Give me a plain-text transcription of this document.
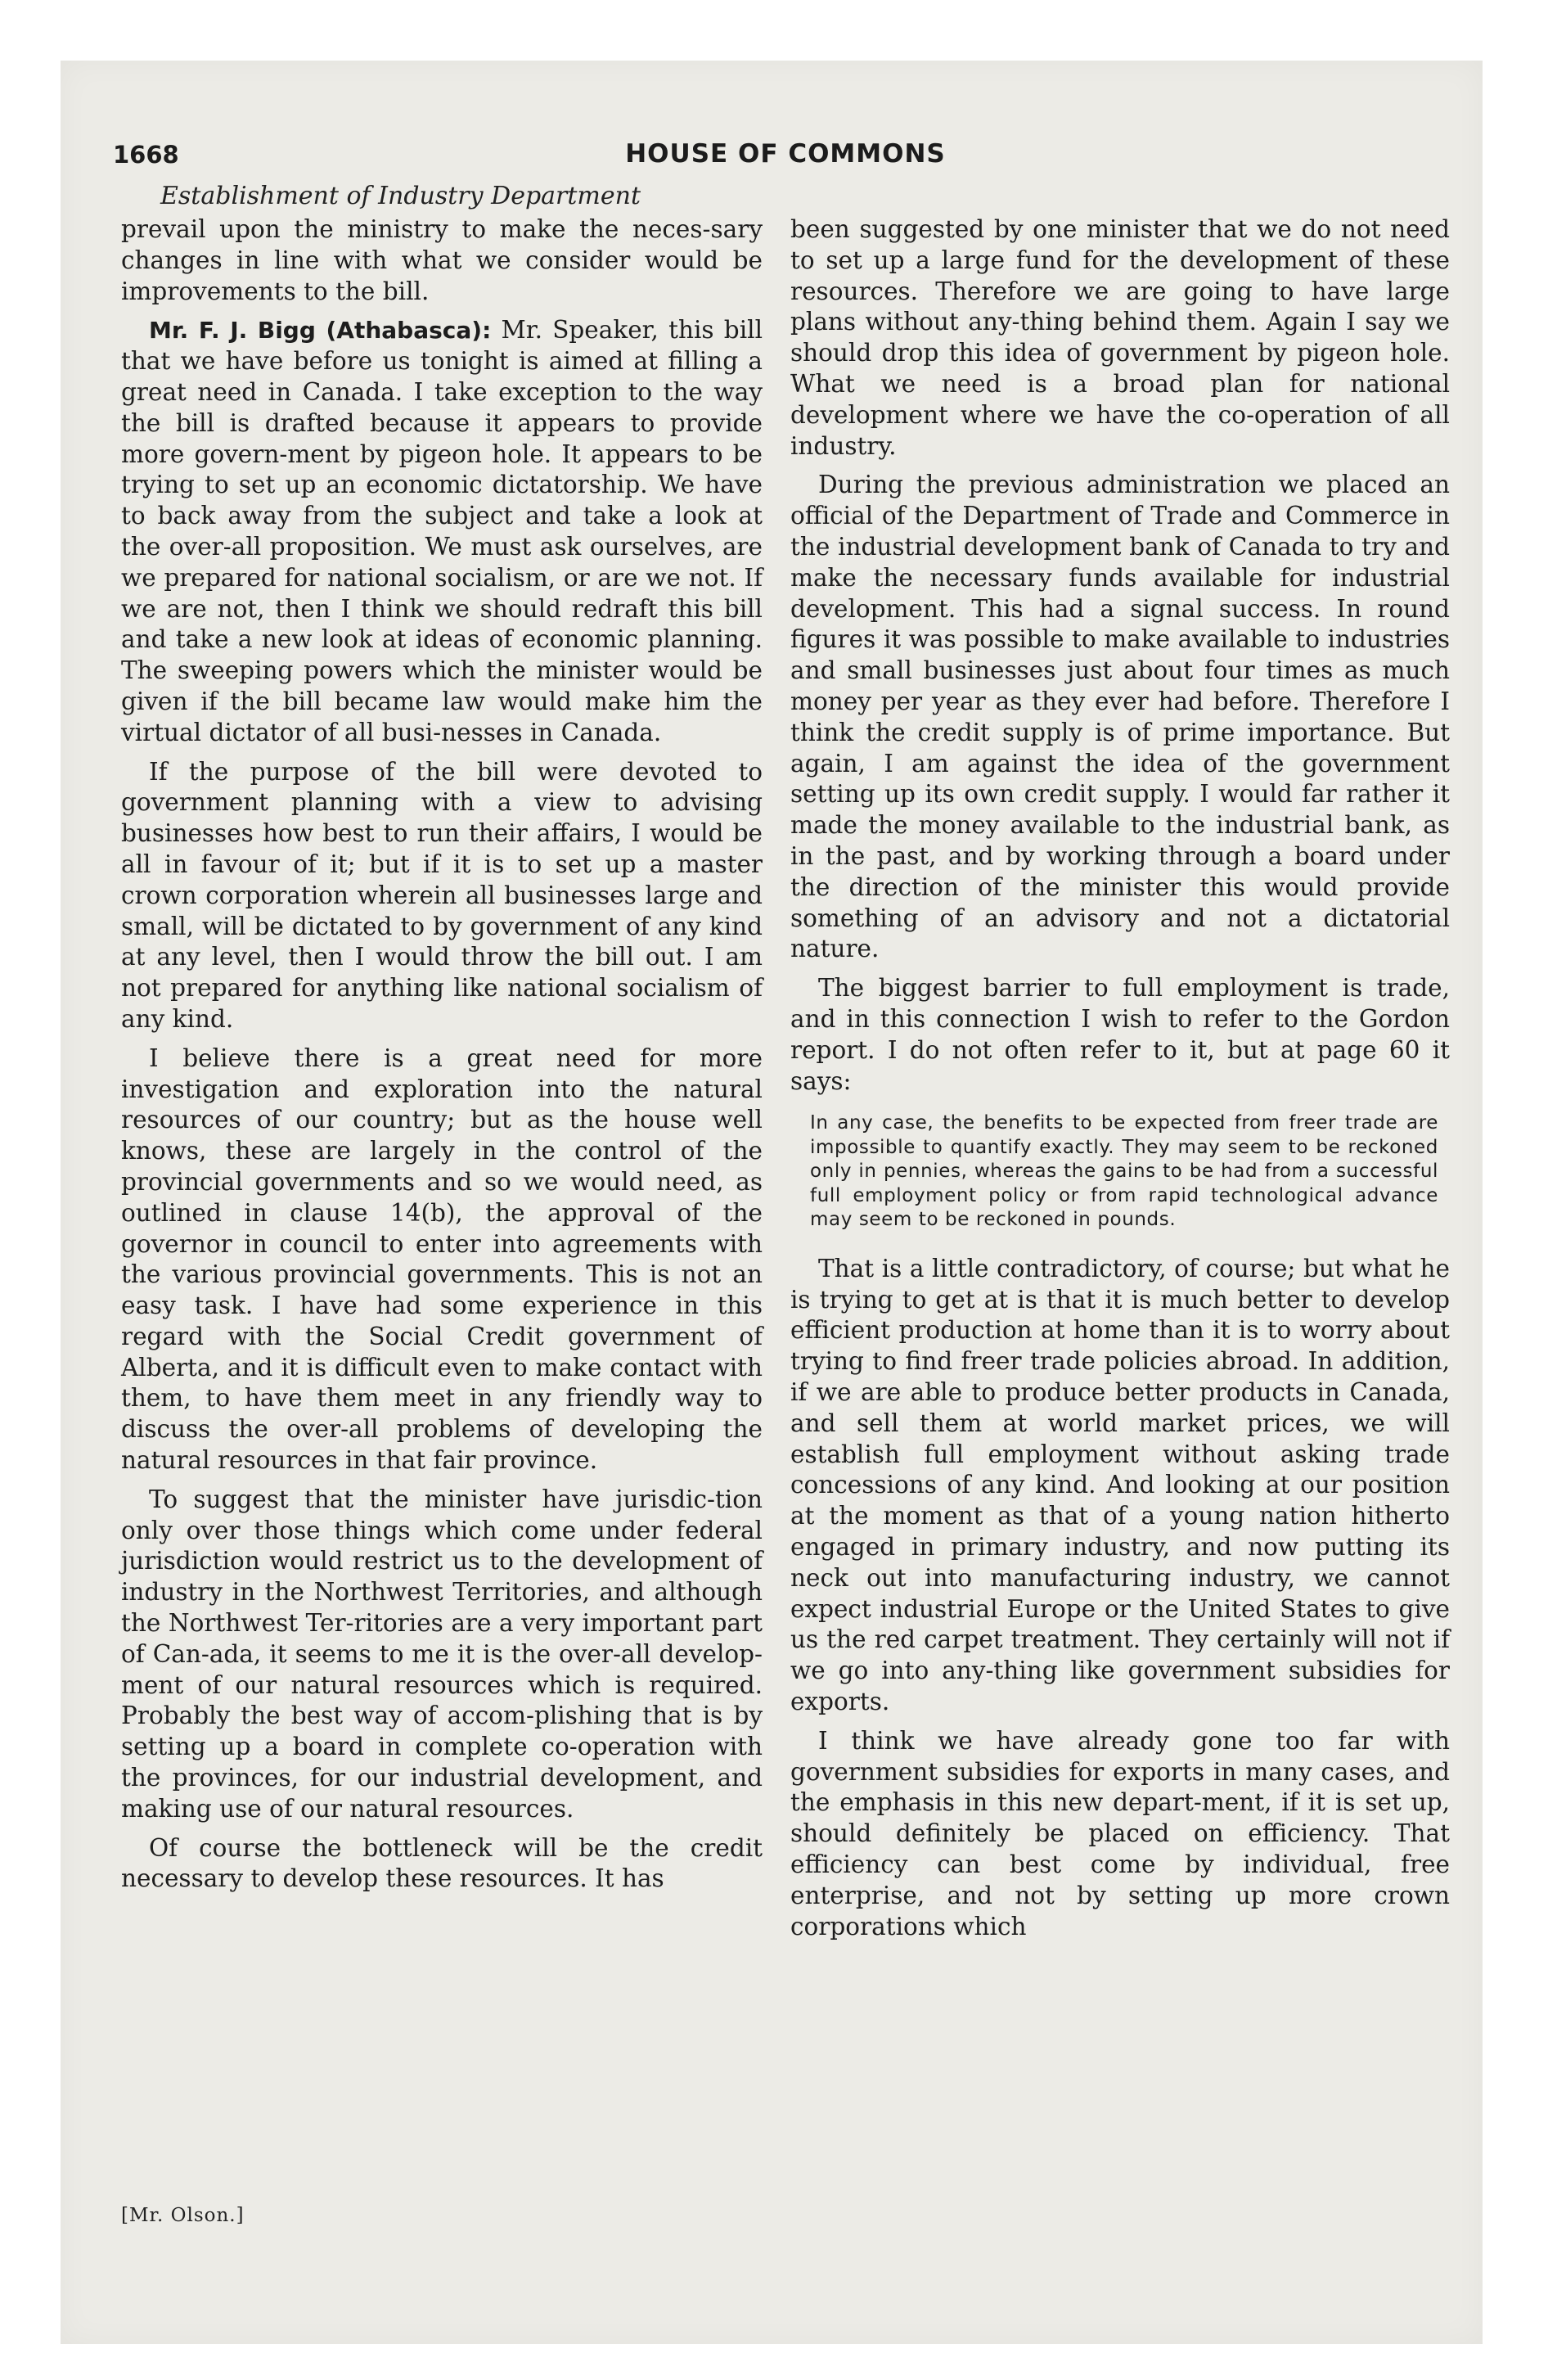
1668	HOUSE OF COMMONS
Establishment of Industry Department

prevail upon the ministry to make the neces-sary changes in line with what we consider would be improvements to the bill.

Mr. F. J. Bigg (Athabasca): Mr. Speaker, this bill that we have before us tonight is aimed at filling a great need in Canada. I take exception to the way the bill is drafted because it appears to provide more govern-ment by pigeon hole. It appears to be trying to set up an economic dictatorship. We have to back away from the subject and take a look at the over-all proposition. We must ask ourselves, are we prepared for national socialism, or are we not. If we are not, then I think we should redraft this bill and take a new look at ideas of economic planning. The sweeping powers which the minister would be given if the bill became law would make him the virtual dictator of all busi-nesses in Canada.

If the purpose of the bill were devoted to government planning with a view to advising businesses how best to run their affairs, I would be all in favour of it; but if it is to set up a master crown corporation wherein all businesses large and small, will be dictated to by government of any kind at any level, then I would throw the bill out. I am not prepared for anything like national socialism of any kind.

I believe there is a great need for more investigation and exploration into the natural resources of our country; but as the house well knows, these are largely in the control of the provincial governments and so we would need, as outlined in clause 14(b), the approval of the governor in council to enter into agreements with the various provincial governments. This is not an easy task. I have had some experience in this regard with the Social Credit government of Alberta, and it is difficult even to make contact with them, to have them meet in any friendly way to discuss the over-all problems of developing the natural resources in that fair province.

To suggest that the minister have jurisdic-tion only over those things which come under federal jurisdiction would restrict us to the development of industry in the Northwest Territories, and although the Northwest Ter-ritories are a very important part of Can-ada, it seems to me it is the over-all develop-ment of our natural resources which is required. Probably the best way of accom-plishing that is by setting up a board in complete co-operation with the provinces, for our industrial development, and making use of our natural resources.

Of course the bottleneck will be the credit necessary to develop these resources. It has

been suggested by one minister that we do not need to set up a large fund for the development of these resources. Therefore we are going to have large plans without any-thing behind them. Again I say we should drop this idea of government by pigeon hole. What we need is a broad plan for national development where we have the co-operation of all industry.

During the previous administration we placed an official of the Department of Trade and Commerce in the industrial development bank of Canada to try and make the necessary funds available for industrial development. This had a signal success. In round figures it was possible to make available to industries and small businesses just about four times as much money per year as they ever had before. Therefore I think the credit supply is of prime importance. But again, I am against the idea of the government setting up its own credit supply. I would far rather it made the money available to the industrial bank, as in the past, and by working through a board under the direction of the minister this would provide something of an advisory and not a dictatorial nature.

The biggest barrier to full employment is trade, and in this connection I wish to refer to the Gordon report. I do not often refer to it, but at page 60 it says:

In any case, the benefits to be expected from freer trade are impossible to quantify exactly. They may seem to be reckoned only in pennies, whereas the gains to be had from a successful full employment policy or from rapid technological advance may seem to be reckoned in pounds.

That is a little contradictory, of course; but what he is trying to get at is that it is much better to develop efficient production at home than it is to worry about trying to find freer trade policies abroad. In addition, if we are able to produce better products in Canada, and sell them at world market prices, we will establish full employment without asking trade concessions of any kind. And looking at our position at the moment as that of a young nation hitherto engaged in primary industry, and now putting its neck out into manufacturing industry, we cannot expect industrial Europe or the United States to give us the red carpet treatment. They certainly will not if we go into any-thing like government subsidies for exports.

I think we have already gone too far with government subsidies for exports in many cases, and the emphasis in this new depart-ment, if it is set up, should definitely be placed on efficiency. That efficiency can best come by individual, free enterprise, and not by setting up more crown corporations which

[Mr. Olson.]
